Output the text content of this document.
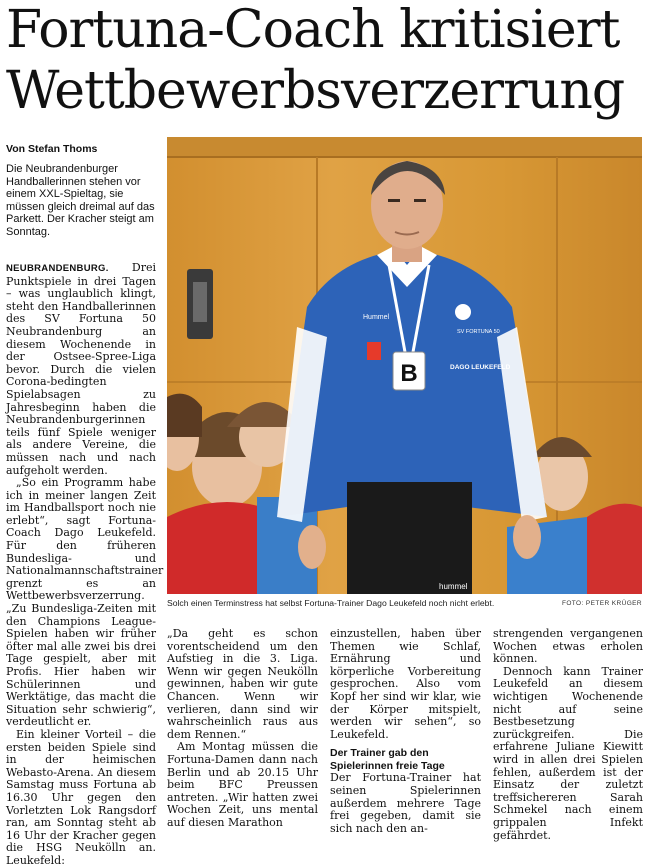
Fortuna-Coach kritisiert
Wettbewerbsverzerrung
Von Stefan Thoms
Die Neubrandenburger Handballerinnen stehen vor einem XXL-Spieltag, sie müssen gleich dreimal auf das Parkett. Der Kracher steigt am Sonntag.

NEUBRANDENBURG. Drei Punktspiele in drei Tagen – was unglaublich klingt, steht den Handballerinnen des SV Fortuna 50 Neubrandenburg an diesem Wochenende in der Ostsee-Spree-Liga bevor. Durch die vielen Corona-bedingten Spielabsagen zu Jahresbeginn haben die Neubrandenburgerinnen teils fünf Spiele weniger als andere Vereine, die müssen nach und nach aufgeholt werden.

„So ein Programm habe ich in meiner langen Zeit im Handballsport noch nie erlebt“, sagt Fortuna-Coach Dago Leukefeld. Für den früheren Bundesliga- und Nationalmannschaftstrainer grenzt es an Wettbewerbsverzerrung. „Zu Bundesliga-Zeiten mit den Champions League-Spielen haben wir früher öfter mal alle zwei bis drei Tage gespielt, aber mit Profis. Hier haben wir Schülerinnen und Werktätige, das macht die Situation sehr schwierig“, verdeutlicht er.

Ein kleiner Vorteil – die ersten beiden Spiele sind in der heimischen Webasto-Arena. An diesem Samstag muss Fortuna ab 16.30 Uhr gegen den Vorletzten Lok Rangsdorf ran, am Sonntag steht ab 16 Uhr der Kracher gegen die HSG Neukölln an. Leukefeld:

B
Hummel
SV FORTUNA 50
DAGO LEUKEFELD
hummel
Solch einen Terminstress hat selbst Fortuna-Trainer Dago Leukefeld noch nicht erlebt.	FOTO: PETER KRÜGER

„Da geht es schon vorentscheidend um den Aufstieg in die 3. Liga. Wenn wir gegen Neukölln gewinnen, haben wir gute Chancen. Wenn wir verlieren, dann sind wir wahrscheinlich raus aus dem Rennen.“

Am Montag müssen die Fortuna-Damen dann nach Berlin und ab 20.15 Uhr beim BFC Preussen antreten. „Wir hatten zwei Wochen Zeit, uns mental auf diesen Marathon

einzustellen, haben über Themen wie Schlaf, Ernährung und körperliche Vorbereitung gesprochen. Also vom Kopf her sind wir klar, wie der Körper mitspielt, werden wir sehen“, so Leukefeld.

Der Trainer gab den Spielerinnen freie Tage

Der Fortuna-Trainer hat seinen Spielerinnen außerdem mehrere Tage frei gegeben, damit sie sich nach den an-

strengenden vergangenen Wochen etwas erholen können.

Dennoch kann Trainer Leukefeld an diesem wichtigen Wochenende nicht auf seine Bestbesetzung zurückgreifen. Die erfahrene Juliane Kiewitt wird in allen drei Spielen fehlen, außerdem ist der Einsatz der zuletzt treffsichereren Sarah Schmekel nach einem grippalen Infekt gefährdet.
